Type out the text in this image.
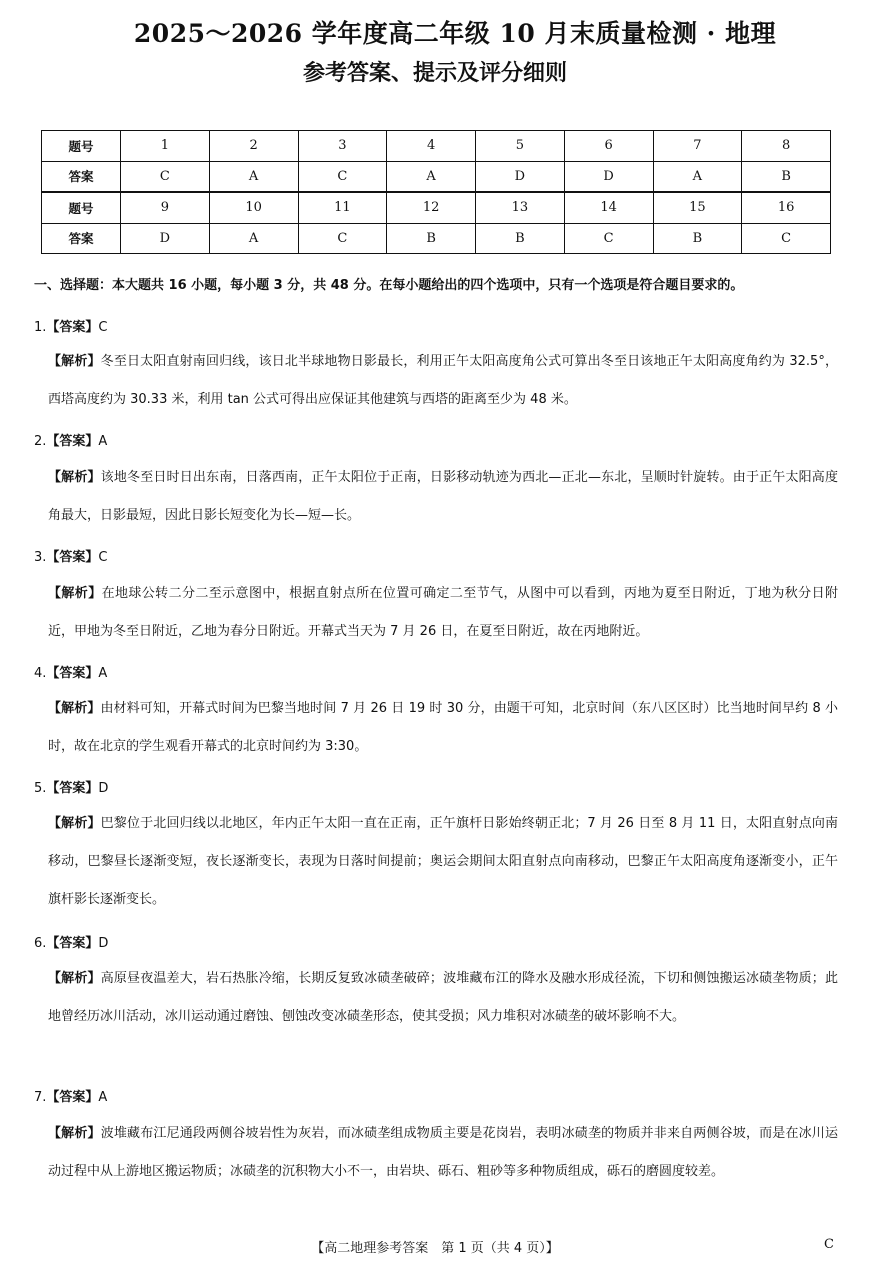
2025～2026 学年度高二年级 10 月末质量检测 · 地理
参考答案、提示及评分细则
题号	1	2	3	4	5	6	7	8
答案	C	A	C	A	D	D	A	B
题号	9	10	11	12	13	14	15	16
答案	D	A	C	B	B	C	B	C
一、选择题：本大题共 16 小题，每小题 3 分，共 48 分。在每小题给出的四个选项中，只有一个选项是符合题目要求的。
1.【答案】C
【解析】冬至日太阳直射南回归线，该日北半球地物日影最长，利用正午太阳高度角公式可算出冬至日该地正午太阳高度角约为 32.5°，西塔高度约为 30.33 米，利用 tan 公式可得出应保证其他建筑与西塔的距离至少为 48 米。
2.【答案】A
【解析】该地冬至日时日出东南，日落西南，正午太阳位于正南，日影移动轨迹为西北—正北—东北，呈顺时针旋转。由于正午太阳高度角最大，日影最短，因此日影长短变化为长—短—长。
3.【答案】C
【解析】在地球公转二分二至示意图中，根据直射点所在位置可确定二至节气，从图中可以看到，丙地为夏至日附近，丁地为秋分日附近，甲地为冬至日附近，乙地为春分日附近。开幕式当天为 7 月 26 日，在夏至日附近，故在丙地附近。
4.【答案】A
【解析】由材料可知，开幕式时间为巴黎当地时间 7 月 26 日 19 时 30 分，由题干可知，北京时间（东八区区时）比当地时间早约 8 小时，故在北京的学生观看开幕式的北京时间约为 3:30。
5.【答案】D
【解析】巴黎位于北回归线以北地区，年内正午太阳一直在正南，正午旗杆日影始终朝正北；7 月 26 日至 8 月 11 日，太阳直射点向南移动，巴黎昼长逐渐变短，夜长逐渐变长，表现为日落时间提前；奥运会期间太阳直射点向南移动，巴黎正午太阳高度角逐渐变小，正午旗杆影长逐渐变长。
6.【答案】D
【解析】高原昼夜温差大，岩石热胀冷缩，长期反复致冰碛垄破碎；波堆藏布江的降水及融水形成径流，下切和侧蚀搬运冰碛垄物质；此地曾经历冰川活动，冰川运动通过磨蚀、刨蚀改变冰碛垄形态，使其受损；风力堆积对冰碛垄的破坏影响不大。
7.【答案】A
【解析】波堆藏布江尼通段两侧谷坡岩性为灰岩，而冰碛垄组成物质主要是花岗岩，表明冰碛垄的物质并非来自两侧谷坡，而是在冰川运动过程中从上游地区搬运物质；冰碛垄的沉积物大小不一，由岩块、砾石、粗砂等多种物质组成，砾石的磨圆度较差。
【高二地理参考答案　第 1 页（共 4 页）】	C
